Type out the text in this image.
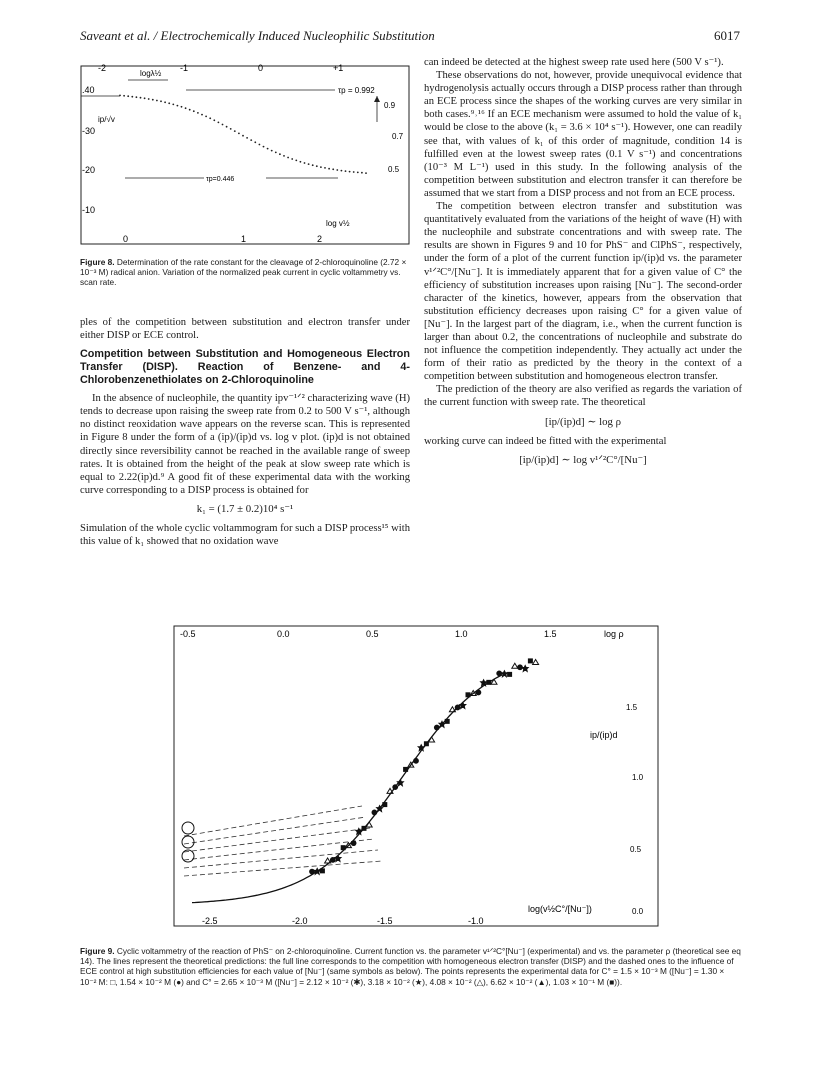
Saveant et al. / Electrochemically Induced Nucleophilic Substitution	6017
-2	-1	0	+1
logλ½
.40
-30
-20
-10
ip/√v
0.9
0.7
0.5
τp = 0.992
τp=0.446
log v½
0	1	2
Figure 8. Determination of the rate constant for the cleavage of 2-chloroquinoline (2.72 × 10⁻³ M) radical anion. Variation of the normalized peak current in cyclic voltammetry vs. scan rate.

ples of the competition between substitution and electron transfer under either DISP or ECE control.

Competition between Substitution and Homogeneous Electron Transfer (DISP). Reaction of Benzene- and 4-Chlorobenzenethiolates on 2-Chloroquinoline

In the absence of nucleophile, the quantity ipv⁻¹ᐟ² characterizing wave (H) tends to decrease upon raising the sweep rate from 0.2 to 500 V s⁻¹, although no distinct reoxidation wave appears on the reverse scan. This is represented in Figure 8 under the form of a (ip)/(ip)d vs. log v plot. (ip)d is not obtained directly since reversibility cannot be reached in the available range of sweep rates. It is obtained from the height of the peak at slow sweep rate which is equal to 2.22(ip)d.⁹ A good fit of these experimental data with the working curve corresponding to a DISP process is obtained for

k₁ = (1.7 ± 0.2)10⁴ s⁻¹

Simulation of the whole cyclic voltammogram for such a DISP process¹⁵ with this value of k₁ showed that no oxidation wave

can indeed be detected at the highest sweep rate used here (500 V s⁻¹).

These observations do not, however, provide unequivocal evidence that hydrogenolysis actually occurs through a DISP process rather than through an ECE process since the shapes of the working curves are very similar in both cases.⁹˒¹⁶ If an ECE mechanism were assumed to hold the value of k₁ would be close to the above (k₁ = 3.6 × 10⁴ s⁻¹). However, one can readily see that, with values of k₁ of this order of magnitude, condition 14 is fulfilled even at the lowest sweep rates (0.1 V s⁻¹) and concentrations (10⁻³ M L⁻¹) used in this study. In the following analysis of the competition between substitution and electron transfer it can therefore be assumed that we start from a DISP process and not from an ECE process.

The competition between electron transfer and substitution was quantitatively evaluated from the variations of the height of wave (H) with the nucleophile and substrate concentrations and with sweep rate. The results are shown in Figures 9 and 10 for PhS⁻ and ClPhS⁻, respectively, under the form of a plot of the current function ip/(ip)d vs. the parameter v¹ᐟ²C°/[Nu⁻]. It is immediately apparent that for a given value of C° the efficiency of substitution increases upon raising [Nu⁻]. The second-order character of the kinetics, however, appears from the observation that substitution efficiency decreases upon raising C° for a given value of [Nu⁻]. In the largest part of the diagram, i.e., when the current function is larger than about 0.2, the concentrations of nucleophile and substrate do not influence the competition independently. They actually act under the form of their ratio as predicted by the theory in the context of a competition between substitution and homogeneous electron transfer.

The prediction of the theory are also verified as regards the variation of the current function with sweep rate. The theoretical

[ip/(ip)d] ∼ log ρ

working curve can indeed be fitted with the experimental

[ip/(ip)d] ∼ log v¹ᐟ²C°/[Nu⁻]
-0.5	0.0	0.5	1.0	1.5	log ρ
1.5
1.0
0.5
0.0
ip/(ip)d
log(v½C°/[Nu⁻])
-2.5	-2.0	-1.5	-1.0
Figure 9. Cyclic voltammetry of the reaction of PhS⁻ on 2-chloroquinoline. Current function vs. the parameter v¹ᐟ²C°[Nu⁻] (experimental) and vs. the parameter ρ (theoretical see eq 14). The lines represent the theoretical predictions: the full line corresponds to the competition with homogeneous electron transfer (DISP) and the dashed ones to the influence of ECE control at high substitution efficiencies for each value of [Nu⁻] (same symbols as below). The points represents the experimental data for C° = 1.5 × 10⁻³ M ([Nu⁻] = 1.30 × 10⁻² M: □, 1.54 × 10⁻² M (●) and C° = 2.65 × 10⁻³ M ([Nu⁻] = 2.12 × 10⁻² (✱), 3.18 × 10⁻² (★), 4.08 × 10⁻² (△), 6.62 × 10⁻² (▲), 1.03 × 10⁻¹ M (■)).
